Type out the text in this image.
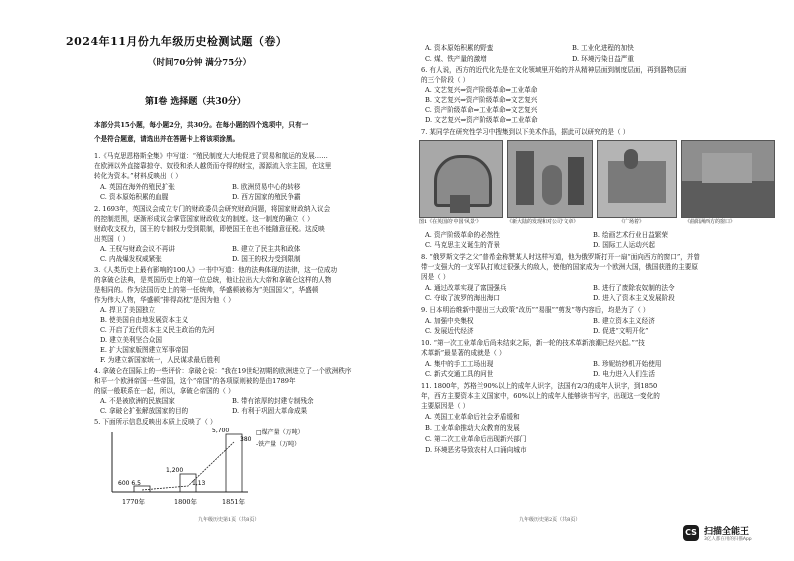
2024年11月份九年级历史检测试题（卷）
（时间70分钟 满分75分）
第Ⅰ卷 选择题（共30分）
本部分共15小题，每小题2分，共30分。在每小题的四个选项中，只有一
个是符合题意，请选出并在答题卡上将该项涂黑。
1.《马克思恩格斯全集》中写道：“殖民制度大大地促进了贸易和航运的发展……
在欧洲以外直接靠掠夺、奴役和杀人越货而夺得的财宝，源源流入宗主国，在这里
转化为资本。”材料反映出（ ）
A. 英国在海外的殖民扩张	B. 欧洲贸易中心的转移
C. 资本原始积累的血腥	D. 西方国家的殖民争霸
2. 1693年，英国议会成立专门的财政委员会研究财政问题，将国家财政纳入议会
的控制范围，逐渐形成议会掌管国家财政收支的制度。这一制度的确立（ ）
财政收支权力，国王的专制权力受到限制，即使国王在也不能随意征税。这反映
出英国（ ）
A. 王权与财政会议不再讲	B. 建立了民主共和政体
C. 内战爆发权威紧张	D. 国王的权力受到限制
3.《人类历史上最有影响的100人》一书中写道：他的法典体现的法律，这一位成功
的拿破仑法典，是英国历史上的第一位总统，他让拉出大大帝和拿破仑这样的人物
是相同的。作为法国历史上的第一任统帅，华盛顿被称为“美国国父”，华盛顿
作为伟大人物，华盛顿“排得高枕”是因为他（ ）
A. 捍卫了美国独立
B. 使美国自由地发展资本主义
C. 开启了近代资本主义民主政治的先河
D. 建立美利坚合众国
E. 扩大国家版图建立军事帝国
F. 为建立新国家统一，人民谋求最后胜利
4. 拿破仑在国际上的一些评价：拿破仑说：“我在19世纪初期的欧洲进立了一个欧洲秩序
和平一个欧洲帝国一些帝国，这个“帝国”的各项原则被的是由1789年
的原一般联系在一起，所以，拿破仑帝国的（ ）
A. 不是被欧洲的民族国家	B. 带有浓厚的封建专制残余
C. 拿破仑扩张解放国家的目的	D. 有利于巩固大革命成果
5. 下面所示信息反映出本质上反映了（ ）
5,700
380
1,200
1,13
600 6.5
□煤产量（万吨）
-铁产量（万吨）
1770年	1800年	1851年
九年级历史第1页（共8页）
A. 资本原始积累的野蛮	B. 工业化进程的加快
C. 煤、铁产量的激增	D. 环境污染日益严重
6. 有人说，西方的近代化先是在文化领域里开始的并从精神层面到制度层面，再到器物层面
的三个阶段（ ）
A. 文艺复兴⇒资产阶级革命⇒工业革命
B. 文艺复兴⇒资产阶级革命⇒文艺复兴
C. 资产阶级革命⇒工业革命⇒文艺复兴
D. 文艺复兴⇒资产阶级革命⇒工业革命
7. 某同学在研究性学习中搜集到以下美术作品，据此可以研究的是（ ）
图1《在英国的'中国'风景'》	《新大陆的发现和对公司'文章》	《广场着》	《曲阳洲西方的窗口》
A. 资产阶级革命的必然性	B. 绘画艺术行业日益繁荣
C. 马克思主义诞生的背景	D. 国际工人运动兴起
8. “俄罗斯文学之父”普希金称赞某人时这样写道，他为俄罗斯打开一扇“面向西方的窗口”，并曾
带一支强大的一支军队打败过很强大的敌人，使他的国家成为一个欧洲大国，俄国获胜的主要原
因是（ ）
A. 通过改革实现了富国强兵	B. 进行了废除农奴制的法令
C. 夺取了波罗的海出海口	D. 进入了资本主义发展阶段
9. 日本明治维新中提出三大政策“改历”“易服”“剪发”等内容后，均是为了（ ）
A. 加强中央集权	B. 建立资本主义经济
C. 发展近代经济	D. 促进“文明开化”
10. “第一次工业革命后尚未结束之际，新一轮的技术革新浪潮已经兴起。”“技
术革新”最显著的成就是（ ）
A. 集中的手工工场出现	B. 珍妮纺纱机开始使用
C. 新式交通工具的问世	D. 电力进入人们生活
11. 1800年，苏格兰90%以上的成年人识字，法国有2/3的成年人识字，到1850
年，西方主要资本主义国家中，60%以上的成年人能够读书写字，出现这一变化的
主要原因是（ ）
A. 英国工业革命后社会矛盾缓和
B. 工业革命推动大众教育的发展
C. 第二次工业革命后出现新兴部门
D. 环境恶劣导致农村人口涌向城市
九年级历史第2页（共8页）
CS 扫描全能王
3亿人都在用的扫描App
